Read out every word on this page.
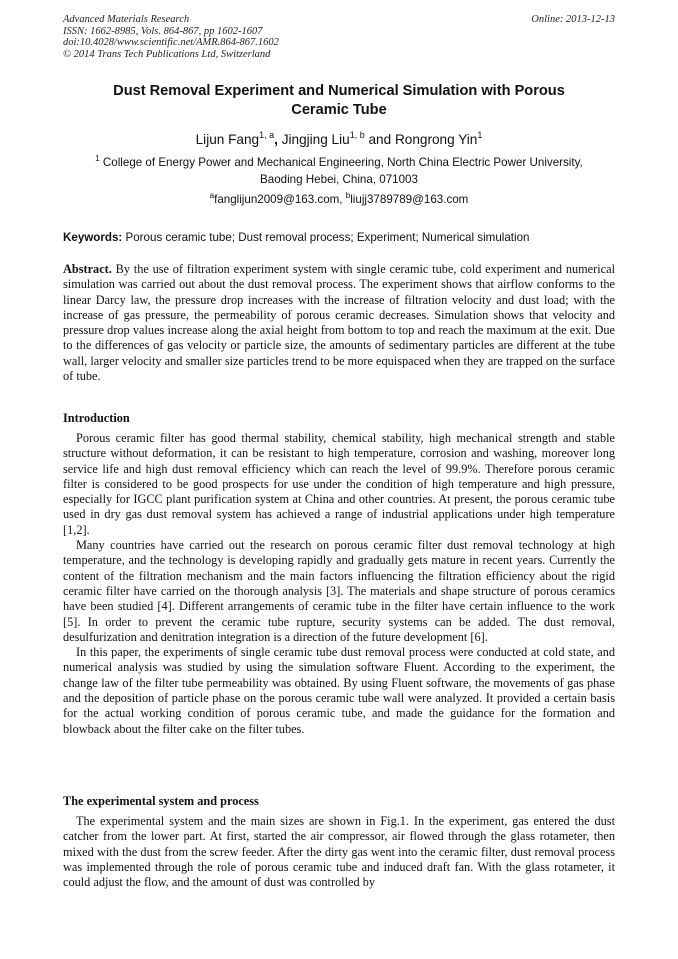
Advanced Materials Research
ISSN: 1662-8985, Vols. 864-867, pp 1602-1607
doi:10.4028/www.scientific.net/AMR.864-867.1602
© 2014 Trans Tech Publications Ltd, Switzerland
Online: 2013-12-13
Dust Removal Experiment and Numerical Simulation with Porous
Ceramic Tube
Lijun Fang$^{1, a}$, Jingjing Liu$^{1, b}$ and Rongrong Yin$^1$
$^1$ College of Energy Power and Mechanical Engineering, North China Electric Power University,
Baoding Hebei, China, 071003
$^a$fanglijun2009@163.com, $^b$liujj3789789@163.com
Keywords: Porous ceramic tube; Dust removal process; Experiment; Numerical simulation

Abstract. By the use of filtration experiment system with single ceramic tube, cold experiment and numerical simulation was carried out about the dust removal process. The experiment shows that airflow conforms to the linear Darcy law, the pressure drop increases with the increase of filtration velocity and dust load; with the increase of gas pressure, the permeability of porous ceramic decreases. Simulation shows that velocity and pressure drop values increase along the axial height from bottom to top and reach the maximum at the exit. Due to the differences of gas velocity or particle size, the amounts of sedimentary particles are different at the tube wall, larger velocity and smaller size particles trend to be more equispaced when they are trapped on the surface of tube.

Introduction

Porous ceramic filter has good thermal stability, chemical stability, high mechanical strength and stable structure without deformation, it can be resistant to high temperature, corrosion and washing, moreover long service life and high dust removal efficiency which can reach the level of 99.9%. Therefore porous ceramic filter is considered to be good prospects for use under the condition of high temperature and high pressure, especially for IGCC plant purification system at China and other countries. At present, the porous ceramic tube used in dry gas dust removal system has achieved a range of industrial applications under high temperature [1,2].

Many countries have carried out the research on porous ceramic filter dust removal technology at high temperature, and the technology is developing rapidly and gradually gets mature in recent years. Currently the content of the filtration mechanism and the main factors influencing the filtration efficiency about the rigid ceramic filter have carried on the thorough analysis [3]. The materials and shape structure of porous ceramics have been studied [4]. Different arrangements of ceramic tube in the filter have certain influence to the work [5]. In order to prevent the ceramic tube rupture, security systems can be added. The dust removal, desulfurization and denitration integration is a direction of the future development [6].

In this paper, the experiments of single ceramic tube dust removal process were conducted at cold state, and numerical analysis was studied by using the simulation software Fluent. According to the experiment, the change law of the filter tube permeability was obtained. By using Fluent software, the movements of gas phase and the deposition of particle phase on the porous ceramic tube wall were analyzed. It provided a certain basis for the actual working condition of porous ceramic tube, and made the guidance for the formation and blowback about the filter cake on the filter tubes.

The experimental system and process

The experimental system and the main sizes are shown in Fig.1. In the experiment, gas entered the dust catcher from the lower part. At first, started the air compressor, air flowed through the glass rotameter, then mixed with the dust from the screw feeder. After the dirty gas went into the ceramic filter, dust removal process was implemented through the role of porous ceramic tube and induced draft fan. With the glass rotameter, it could adjust the flow, and the amount of dust was controlled by
